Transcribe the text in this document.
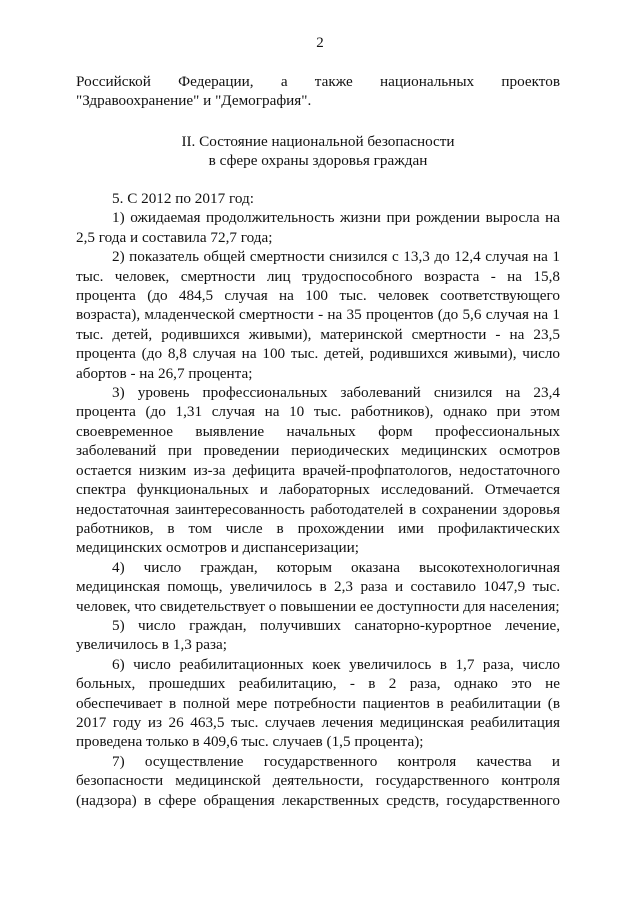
2

Российской Федерации, а также национальных проектов

"Здравоохранение" и "Демография".

II. Состояние национальной безопасности
в сфере охраны здоровья граждан

5. С 2012 по 2017 год:

1) ожидаемая продолжительность жизни при рождении выросла на 2,5 года и составила 72,7 года;

2) показатель общей смертности снизился с 13,3 до 12,4 случая на 1 тыс. человек, смертности лиц трудоспособного возраста - на 15,8 процента (до 484,5 случая на 100 тыс. человек соответствующего возраста), младенческой смертности - на 35 процентов (до 5,6 случая на 1 тыс. детей, родившихся живыми), материнской смертности - на 23,5 процента (до 8,8 случая на 100 тыс. детей, родившихся живыми), число абортов - на 26,7 процента;

3) уровень профессиональных заболеваний снизился на 23,4 процента (до 1,31 случая на 10 тыс. работников), однако при этом своевременное выявление начальных форм профессиональных заболеваний при проведении периодических медицинских осмотров остается низким из-за дефицита врачей-профпатологов, недостаточного спектра функциональных и лабораторных исследований. Отмечается недостаточная заинтересованность работодателей в сохранении здоровья работников, в том числе в прохождении ими профилактических медицинских осмотров и диспансеризации;

4) число граждан, которым оказана высокотехнологичная медицинская помощь, увеличилось в 2,3 раза и составило 1047,9 тыс. человек, что свидетельствует о повышении ее доступности для населения;

5) число граждан, получивших санаторно-курортное лечение, увеличилось в 1,3 раза;

6) число реабилитационных коек увеличилось в 1,7 раза, число больных, прошедших реабилитацию, - в 2 раза, однако это не обеспечивает в полной мере потребности пациентов в реабилитации (в 2017 году из 26 463,5 тыс. случаев лечения медицинская реабилитация проведена только в 409,6 тыс. случаев (1,5 процента);

7) осуществление государственного контроля качества и безопасности медицинской деятельности, государственного контроля (надзора) в сфере обращения лекарственных средств, государственного
